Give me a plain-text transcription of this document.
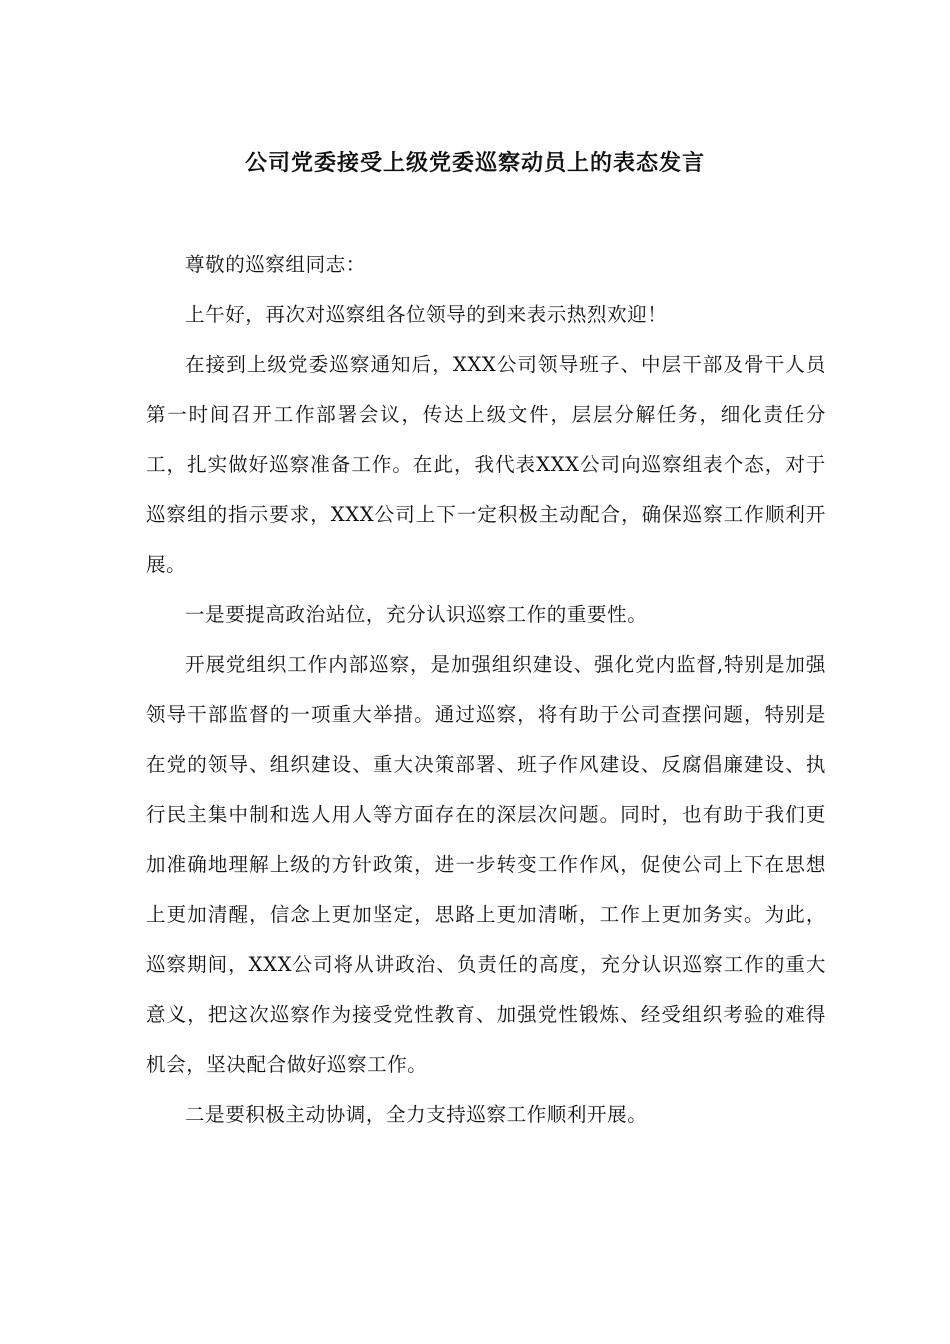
公司党委接受上级党委巡察动员上的表态发言

尊敬的巡察组同志：

上午好，再次对巡察组各位领导的到来表示热烈欢迎！

在接到上级党委巡察通知后，XXX公司领导班子、中层干部及骨干人员第一时间召开工作部署会议，传达上级文件，层层分解任务，细化责任分工，扎实做好巡察准备工作。在此，我代表XXX公司向巡察组表个态，对于巡察组的指示要求，XXX公司上下一定积极主动配合，确保巡察工作顺利开展。

一是要提高政治站位，充分认识巡察工作的重要性。

开展党组织工作内部巡察，是加强组织建设、强化党内监督,特别是加强领导干部监督的一项重大举措。通过巡察，将有助于公司查摆问题，特别是在党的领导、组织建设、重大决策部署、班子作风建设、反腐倡廉建设、执行民主集中制和选人用人等方面存在的深层次问题。同时，也有助于我们更加准确地理解上级的方针政策，进一步转变工作作风，促使公司上下在思想上更加清醒，信念上更加坚定，思路上更加清晰，工作上更加务实。为此，巡察期间，XXX公司将从讲政治、负责任的高度，充分认识巡察工作的重大意义，把这次巡察作为接受党性教育、加强党性锻炼、经受组织考验的难得机会，坚决配合做好巡察工作。

二是要积极主动协调，全力支持巡察工作顺利开展。
